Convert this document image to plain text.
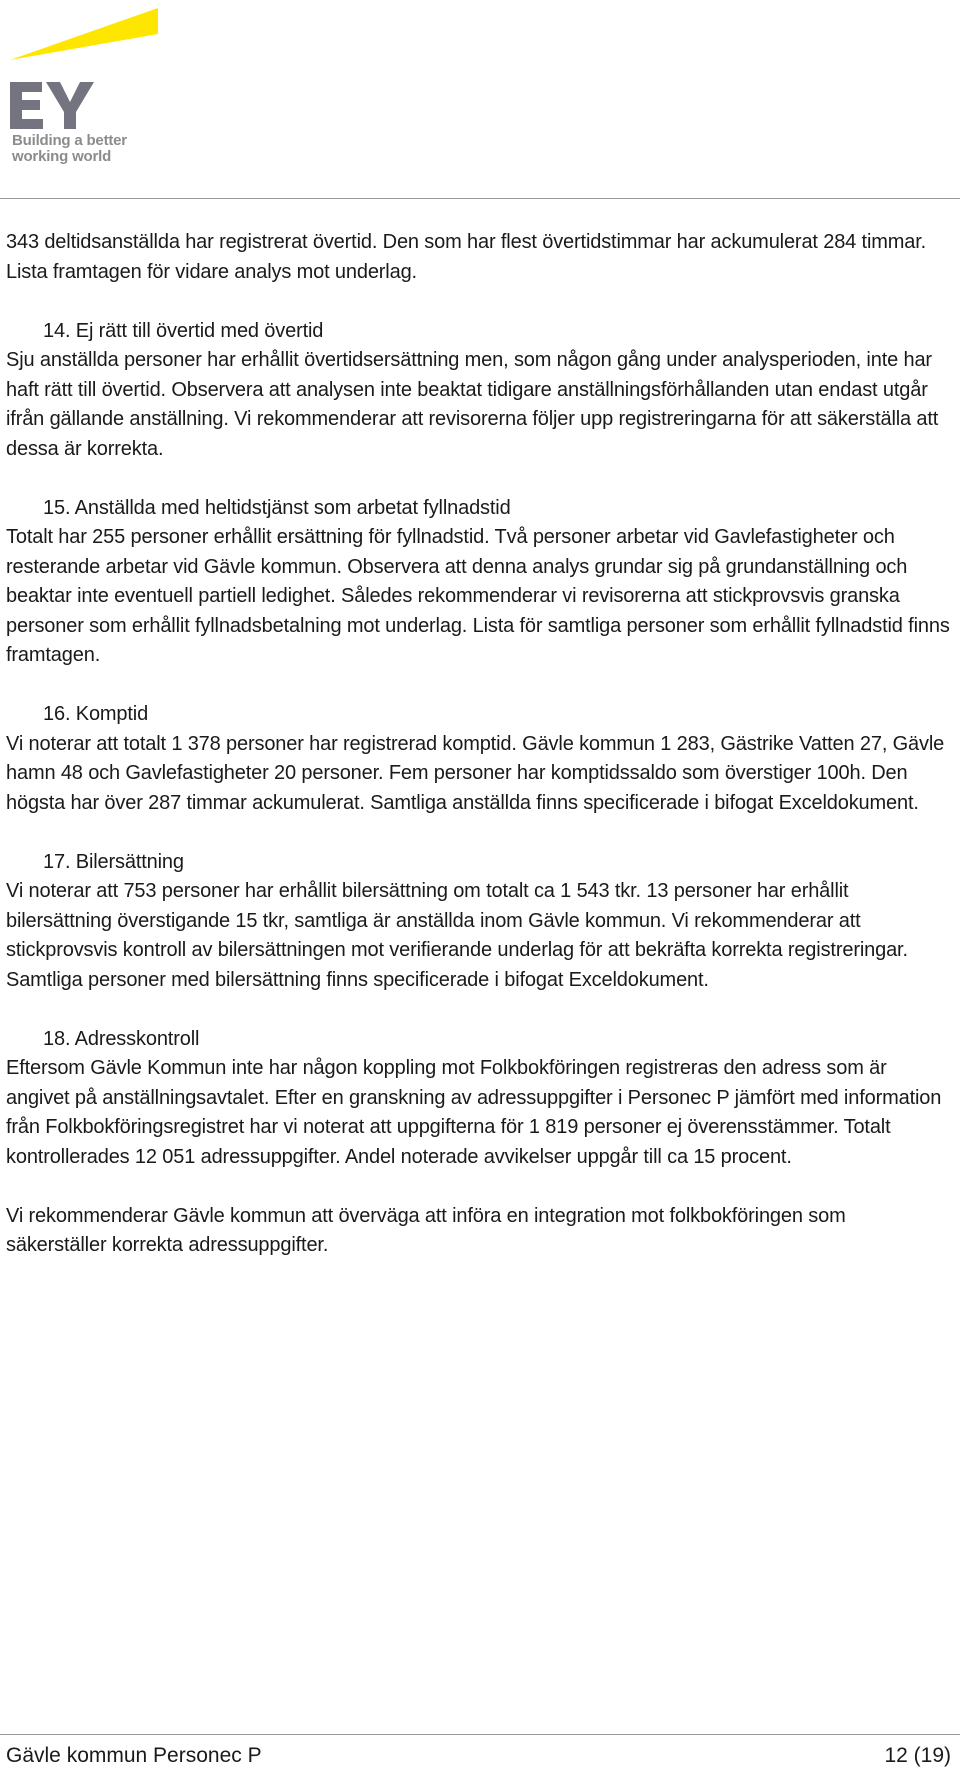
Building a better
working world

343 deltidsanställda har registrerat övertid. Den som har flest övertidstimmar har ackumulerat 284 timmar. Lista framtagen för vidare analys mot underlag.

14. Ej rätt till övertid med övertid

Sju anställda personer har erhållit övertidsersättning men, som någon gång under analysperioden, inte har haft rätt till övertid. Observera att analysen inte beaktat tidigare anställningsförhållanden utan endast utgår ifrån gällande anställning. Vi rekommenderar att revisorerna följer upp registreringarna för att säkerställa att dessa är korrekta.

15. Anställda med heltidstjänst som arbetat fyllnadstid

Totalt har 255 personer erhållit ersättning för fyllnadstid. Två personer arbetar vid Gavlefastigheter och resterande arbetar vid Gävle kommun. Observera att denna analys grundar sig på grundanställning och beaktar inte eventuell partiell ledighet. Således rekommenderar vi revisorerna att stickprovsvis granska personer som erhållit fyllnadsbetalning mot underlag. Lista för samtliga personer som erhållit fyllnadstid finns framtagen.

16. Komptid

Vi noterar att totalt 1 378 personer har registrerad komptid. Gävle kommun 1 283, Gästrike Vatten 27, Gävle hamn 48 och Gavlefastigheter 20 personer. Fem personer har komptidssaldo som överstiger 100h. Den högsta har över 287 timmar ackumulerat. Samtliga anställda finns specificerade i bifogat Exceldokument.

17. Bilersättning

Vi noterar att 753 personer har erhållit bilersättning om totalt ca 1 543 tkr. 13 personer har erhållit bilersättning överstigande 15 tkr, samtliga är anställda inom Gävle kommun. Vi rekommenderar att stickprovsvis kontroll av bilersättningen mot verifierande underlag för att bekräfta korrekta registreringar. Samtliga personer med bilersättning finns specificerade i bifogat Exceldokument.

18. Adresskontroll

Eftersom Gävle Kommun inte har någon koppling mot Folkbokföringen registreras den adress som är angivet på anställningsavtalet. Efter en granskning av adressuppgifter i Personec P jämfört med information från Folkbokföringsregistret har vi noterat att uppgifterna för 1 819 personer ej överensstämmer. Totalt kontrollerades 12 051 adressuppgifter. Andel noterade avvikelser uppgår till ca 15 procent.

Vi rekommenderar Gävle kommun att överväga att införa en integration mot folkbokföringen som säkerställer korrekta adressuppgifter.

Gävle kommun Personec P	12 (19)
